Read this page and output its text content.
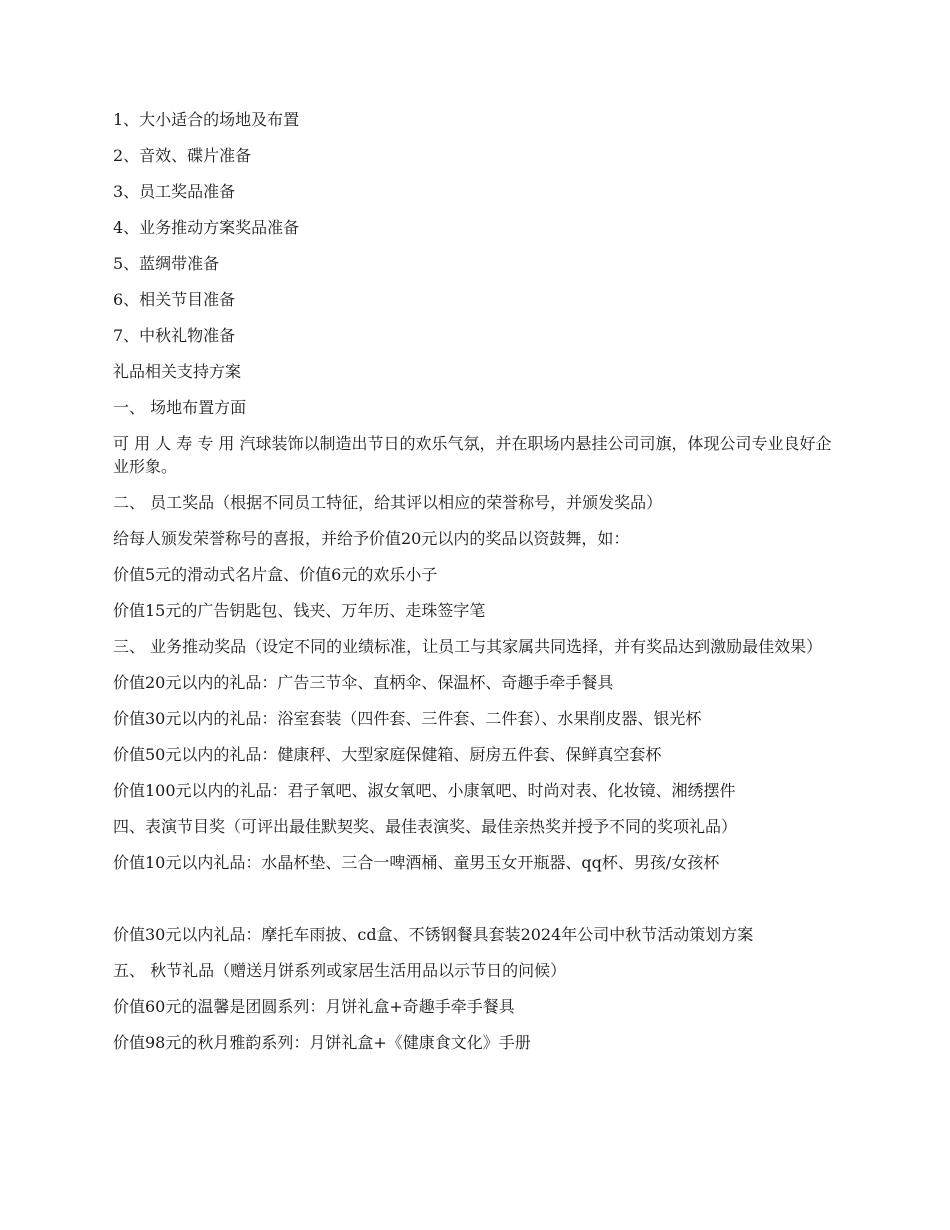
1、大小适合的场地及布置

2、音效、碟片准备

3、员工奖品准备

4、业务推动方案奖品准备

5、蓝绸带准备

6、相关节目准备

7、中秋礼物准备

礼品相关支持方案

一、 场地布置方面

可 用 人 寿 专 用 汽球装饰以制造出节日的欢乐气氛，并在职场内悬挂公司司旗，体现公司专业良好企业形象。

二、 员工奖品（根据不同员工特征，给其评以相应的荣誉称号，并颁发奖品）

给每人颁发荣誉称号的喜报，并给予价值20元以内的奖品以资鼓舞，如：

价值5元的滑动式名片盒、价值6元的欢乐小子

价值15元的广告钥匙包、钱夹、万年历、走珠签字笔

三、 业务推动奖品（设定不同的业绩标准，让员工与其家属共同选择，并有奖品达到激励最佳效果）

价值20元以内的礼品：广告三节伞、直柄伞、保温杯、奇趣手牵手餐具

价值30元以内的礼品：浴室套装（四件套、三件套、二件套）、水果削皮器、银光杯

价值50元以内的礼品：健康秤、大型家庭保健箱、厨房五件套、保鲜真空套杯

价值100元以内的礼品：君子氧吧、淑女氧吧、小康氧吧、时尚对表、化妆镜、湘绣摆件

四、表演节目奖（可评出最佳默契奖、最佳表演奖、最佳亲热奖并授予不同的奖项礼品）

价值10元以内礼品：水晶杯垫、三合一啤酒桶、童男玉女开瓶器、qq杯、男孩/女孩杯

价值30元以内礼品：摩托车雨披、cd盒、不锈钢餐具套装2024年公司中秋节活动策划方案

五、 秋节礼品（赠送月饼系列或家居生活用品以示节日的问候）

价值60元的温馨是团圆系列：月饼礼盒+奇趣手牵手餐具

价值98元的秋月雅韵系列：月饼礼盒+《健康食文化》手册
